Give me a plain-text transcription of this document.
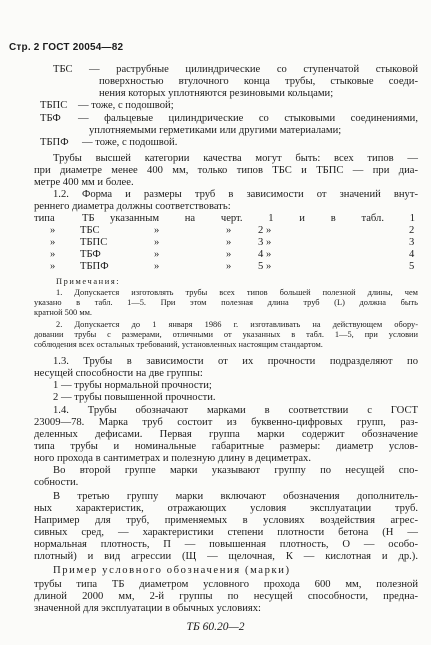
Стр. 2 ГОСТ 20054—82
ТБС — раструбные цилиндрические со ступенчатой стыковой
поверхностью втулочного конца трубы, стыковые соеди-
нения которых уплотняются резиновыми кольцами;
ТБПС — тоже, с подошвой;
ТБФ — фальцевые цилиндрические со стыковыми соединениями,
уплотняемыми герметиками или другими материалами;
ТБПФ — тоже, с подошвой.
Трубы высшей категории качества могут быть: всех типов —
при диаметре менее 400 мм, только типов ТБС и ТБПС — при диа-
метре 400 мм и более.
1.2. Форма и размеры труб в зависимости от значений внут-
реннего диаметра должны соответствовать:
типа	ТБ указанным на черт. 1 и в табл. 1
» ТБС	»	»	2 »	2
» ТБПС	»	»	3 »	3
» ТБФ	»	»	4 »	4
» ТБПФ	»	»	5 »	5
Примечания:
1. Допускается изготовлять трубы всех типов большей полезной длины, чем
указано в табл. 1—5. При этом полезная длина труб (L) должна быть
кратной 500 мм.
2. Допускается до 1 января 1986 г. изготавливать на действующем обору-
довании трубы с размерами, отличными от указанных в табл. 1—5, при условии
соблюдения всех остальных требований, установленных настоящим стандартом.
1.3. Трубы в зависимости от их прочности подразделяют по
несущей способности на две группы:
1 — трубы нормальной прочности;
2 — трубы повышенной прочности.
1.4. Трубы обозначают марками в соответствии с ГОСТ
23009—78. Марка труб состоит из буквенно-цифровых групп, раз-
деленных дефисами. Первая группа марки содержит обозначение
типа трубы и номинальные габаритные размеры: диаметр услов-
ного прохода в сантиметрах и полезную длину в дециметрах.
Во второй группе марки указывают группу по несущей спо-
собности.
В третью группу марки включают обозначения дополнитель-
ных характеристик, отражающих условия эксплуатации труб.
Например для труб, применяемых в условиях воздействия агрес-
сивных сред, — характеристики степени плотности бетона (Н —
нормальная плотность, П — повышенная плотность, О — особо-
плотный) и вид агрессии (Щ — щелочная, К — кислотная и др.).
Пример условного обозначения (марки)
трубы типа ТБ диаметром условного прохода 600 мм, полезной
длиной 2000 мм, 2-й группы по несущей способности, предна-
значенной для эксплуатации в обычных условиях:
ТБ 60.20—2
